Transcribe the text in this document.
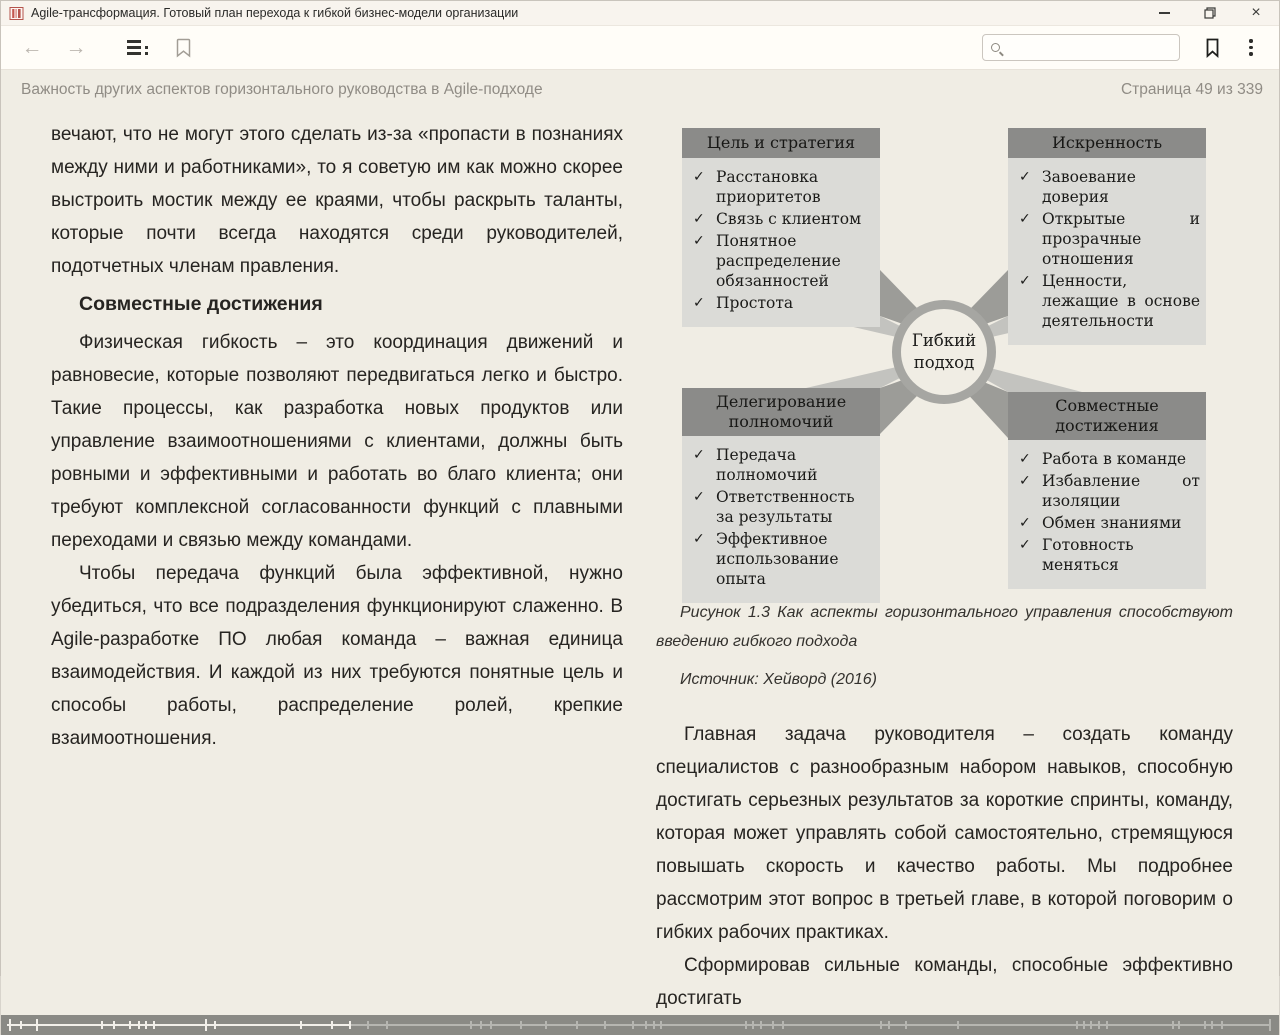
Agile-трансформация. Готовый план перехода к гибкой бизнес-модели организации	×
← →
Важность других аспектов горизонтального руководства в Agile-подходе	Страница 49 из 339

вечают, что не могут этого сделать из-за «пропасти в познаниях между ними и работниками», то я советую им как можно скорее выстроить мостик между ее краями, чтобы раскрыть таланты, которые почти всегда находятся среди руководителей, подотчетных членам правления.

Совместные достижения

Физическая гибкость – это координация движений и равновесие, которые позволяют передвигаться легко и быстро. Такие процессы, как разработка новых продуктов или управление взаимоотношениями с клиентами, должны быть ровными и эффективными и работать во благо клиента; они требуют комплексной согласованности функций с плавными переходами и связью между командами.

Чтобы передача функций была эффективной, нужно убедиться, что все подразделения функционируют слаженно. В Agile-разработке ПО любая команда – важная единица взаимодействия. И каждой из них требуются понятные цель и способы работы, распределение ролей, крепкие взаимоотношения.

Цель и стратегия
✓ Расстановка приоритетов
✓ Связь с клиентом
✓ Понятное распределение обязанностей
✓ Простота
Искренность
✓ Завоевание доверия
✓ Открытые и прозрачные отношения
✓ Ценности, лежащие в основе деятельности
Делегирование полномочий
✓ Передача полномочий
✓ Ответственность за результаты
✓ Эффективное использование опыта
Совместные достижения
✓ Работа в команде
✓ Избавление от изоляции
✓ Обмен знаниями
✓ Готовность меняться
Гибкий
подход

Рисунок 1.3 Как аспекты горизонтального управления способствуют введению гибкого подхода

Источник: Хейворд (2016)

Главная задача руководителя – создать команду специалистов с разнообразным набором навыков, способную достигать серьезных результатов за короткие спринты, команду, которая может управлять собой самостоятельно, стремящуюся повышать скорость и качество работы. Мы подробнее рассмотрим этот вопрос в третьей главе, в которой поговорим о гибких рабочих практиках.

Сформировав сильные команды, способные эффективно достигать
